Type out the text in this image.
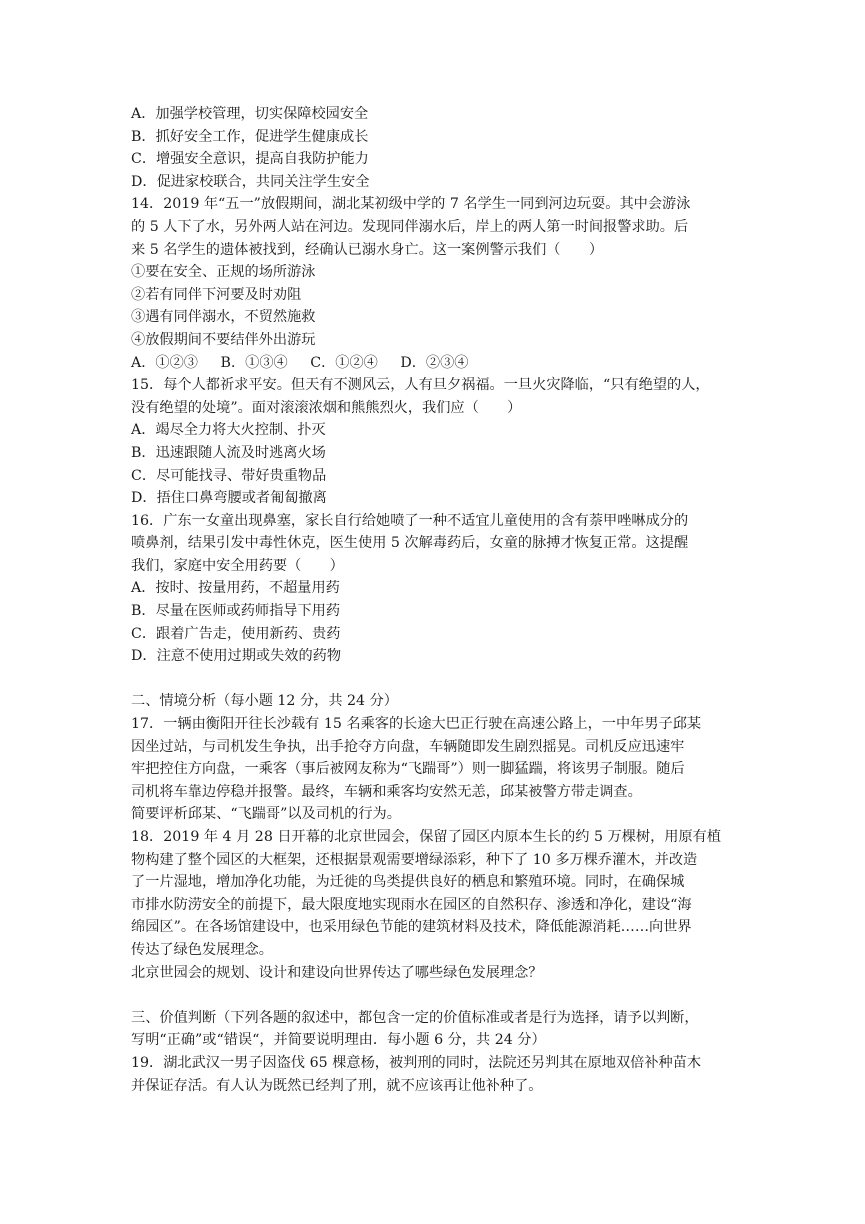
A．加强学校管理，切实保障校园安全
B．抓好安全工作，促进学生健康成长
C．增强安全意识，提高自我防护能力
D．促进家校联合，共同关注学生安全
14．2019 年“五一”放假期间，湖北某初级中学的 7 名学生一同到河边玩耍。其中会游泳
的 5 人下了水，另外两人站在河边。发现同伴溺水后，岸上的两人第一时间报警求助。后
来 5 名学生的遗体被找到，经确认已溺水身亡。这一案例警示我们（　　）
①要在安全、正规的场所游泳
②若有同伴下河要及时劝阻
③遇有同伴溺水，不贸然施救
④放假期间不要结伴外出游玩
A．①②③ B．①③④ C．①②④ D．②③④
15．每个人都祈求平安。但天有不测风云，人有旦夕祸福。一旦火灾降临，“只有绝望的人，
没有绝望的处境”。面对滚滚浓烟和熊熊烈火，我们应（　　）
A．竭尽全力将大火控制、扑灭
B．迅速跟随人流及时逃离火场
C．尽可能找寻、带好贵重物品
D．捂住口鼻弯腰或者匍匐撤离
16．广东一女童出现鼻塞，家长自行给她喷了一种不适宜儿童使用的含有萘甲唑啉成分的
喷鼻剂，结果引发中毒性休克，医生使用 5 次解毒药后，女童的脉搏才恢复正常。这提醒
我们，家庭中安全用药要（　　）
A．按时、按量用药，不超量用药
B．尽量在医师或药师指导下用药
C．跟着广告走，使用新药、贵药
D．注意不使用过期或失效的药物
二、情境分析（每小题 12 分，共 24 分）
17．一辆由衡阳开往长沙载有 15 名乘客的长途大巴正行驶在高速公路上，一中年男子邱某
因坐过站，与司机发生争执，出手抢夺方向盘，车辆随即发生剧烈摇晃。司机反应迅速牢
牢把控住方向盘，一乘客（事后被网友称为“飞踹哥”）则一脚猛踹，将该男子制服。随后
司机将车靠边停稳并报警。最终，车辆和乘客均安然无恙，邱某被警方带走调查。
简要评析邱某、“飞踹哥”以及司机的行为。
18．2019 年 4 月 28 日开幕的北京世园会，保留了园区内原本生长的约 5 万棵树，用原有植
物构建了整个园区的大框架，还根据景观需要增绿添彩，种下了 10 多万棵乔灌木，并改造
了一片湿地，增加净化功能，为迁徙的鸟类提供良好的栖息和繁殖环境。同时，在确保城
市排水防涝安全的前提下，最大限度地实现雨水在园区的自然积存、渗透和净化，建设“海
绵园区”。在各场馆建设中，也采用绿色节能的建筑材料及技术，降低能源消耗……向世界
传达了绿色发展理念。
北京世园会的规划、设计和建设向世界传达了哪些绿色发展理念？
三、价值判断（下列各题的叙述中，都包含一定的价值标准或者是行为选择，请予以判断，
写明“正确”或“错误“，并简要说明理由．每小题 6 分，共 24 分）
19．湖北武汉一男子因盗伐 65 棵意杨，被判刑的同时，法院还另判其在原地双倍补种苗木
并保证存活。有人认为既然已经判了刑，就不应该再让他补种了。
